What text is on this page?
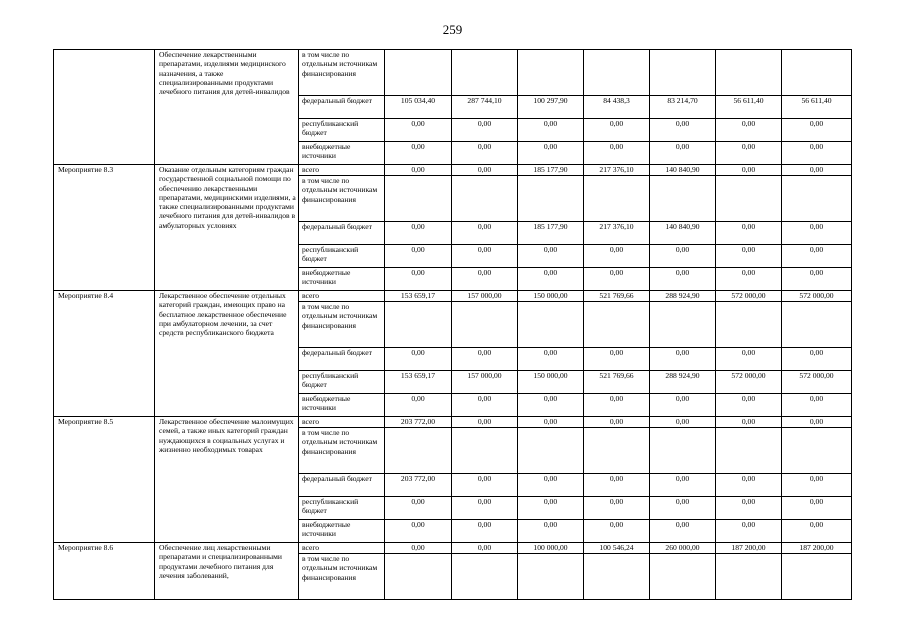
259
	Обеспечение лекарственными препаратами, изделиями медицинского назначения, а также специализированными продуктами лечебного питания для детей-инвалидов	в том числе по отдельным источникам финансирования							
		федеральный бюджет	105 034,40	287 744,10	100 297,90	84 438,3	83 214,70	56 611,40	56 611,40
		республиканский бюджет	0,00	0,00	0,00	0,00	0,00	0,00	0,00
		внебюджетные источники	0,00	0,00	0,00	0,00	0,00	0,00	0,00
Мероприятие 8.3	Оказание отдельным категориям граждан государственной социальной помощи по обеспечению лекарственными препаратами, медицинскими изделиями, а также специализированными продуктами лечебного питания для детей-инвалидов в амбулаторных условиях	всего	0,00	0,00	185 177,90	217 376,10	140 840,90	0,00	0,00
		в том числе по отдельным источникам финансирования							
		федеральный бюджет	0,00	0,00	185 177,90	217 376,10	140 840,90	0,00	0,00
		республиканский бюджет	0,00	0,00	0,00	0,00	0,00	0,00	0,00
		внебюджетные источники	0,00	0,00	0,00	0,00	0,00	0,00	0,00
Мероприятие 8.4	Лекарственное обеспечение отдельных категорий граждан, имеющих право на бесплатное лекарственное обеспечение при амбулаторном лечении, за счет средств республиканского бюджета	всего	153 659,17	157 000,00	150 000,00	521 769,66	288 924,90	572 000,00	572 000,00
		в том числе по отдельным источникам финансирования							
		федеральный бюджет	0,00	0,00	0,00	0,00	0,00	0,00	0,00
		республиканский бюджет	153 659,17	157 000,00	150 000,00	521 769,66	288 924,90	572 000,00	572 000,00
		внебюджетные источники	0,00	0,00	0,00	0,00	0,00	0,00	0,00
Мероприятие 8.5	Лекарственное обеспечение малоимущих семей, а также иных категорий граждан нуждающихся в социальных услугах и жизненно необходимых товарах	всего	203 772,00	0,00	0,00	0,00	0,00	0,00	0,00
		в том числе по отдельным источникам финансирования							
		федеральный бюджет	203 772,00	0,00	0,00	0,00	0,00	0,00	0,00
		республиканский бюджет	0,00	0,00	0,00	0,00	0,00	0,00	0,00
		внебюджетные источники	0,00	0,00	0,00	0,00	0,00	0,00	0,00
Мероприятие 8.6	Обеспечение лиц лекарственными препаратами и специализированными продуктами лечебного питания для лечения заболеваний,	всего	0,00	0,00	100 000,00	100 546,24	260 000,00	187 200,00	187 200,00
		в том числе по отдельным источникам финансирования							
